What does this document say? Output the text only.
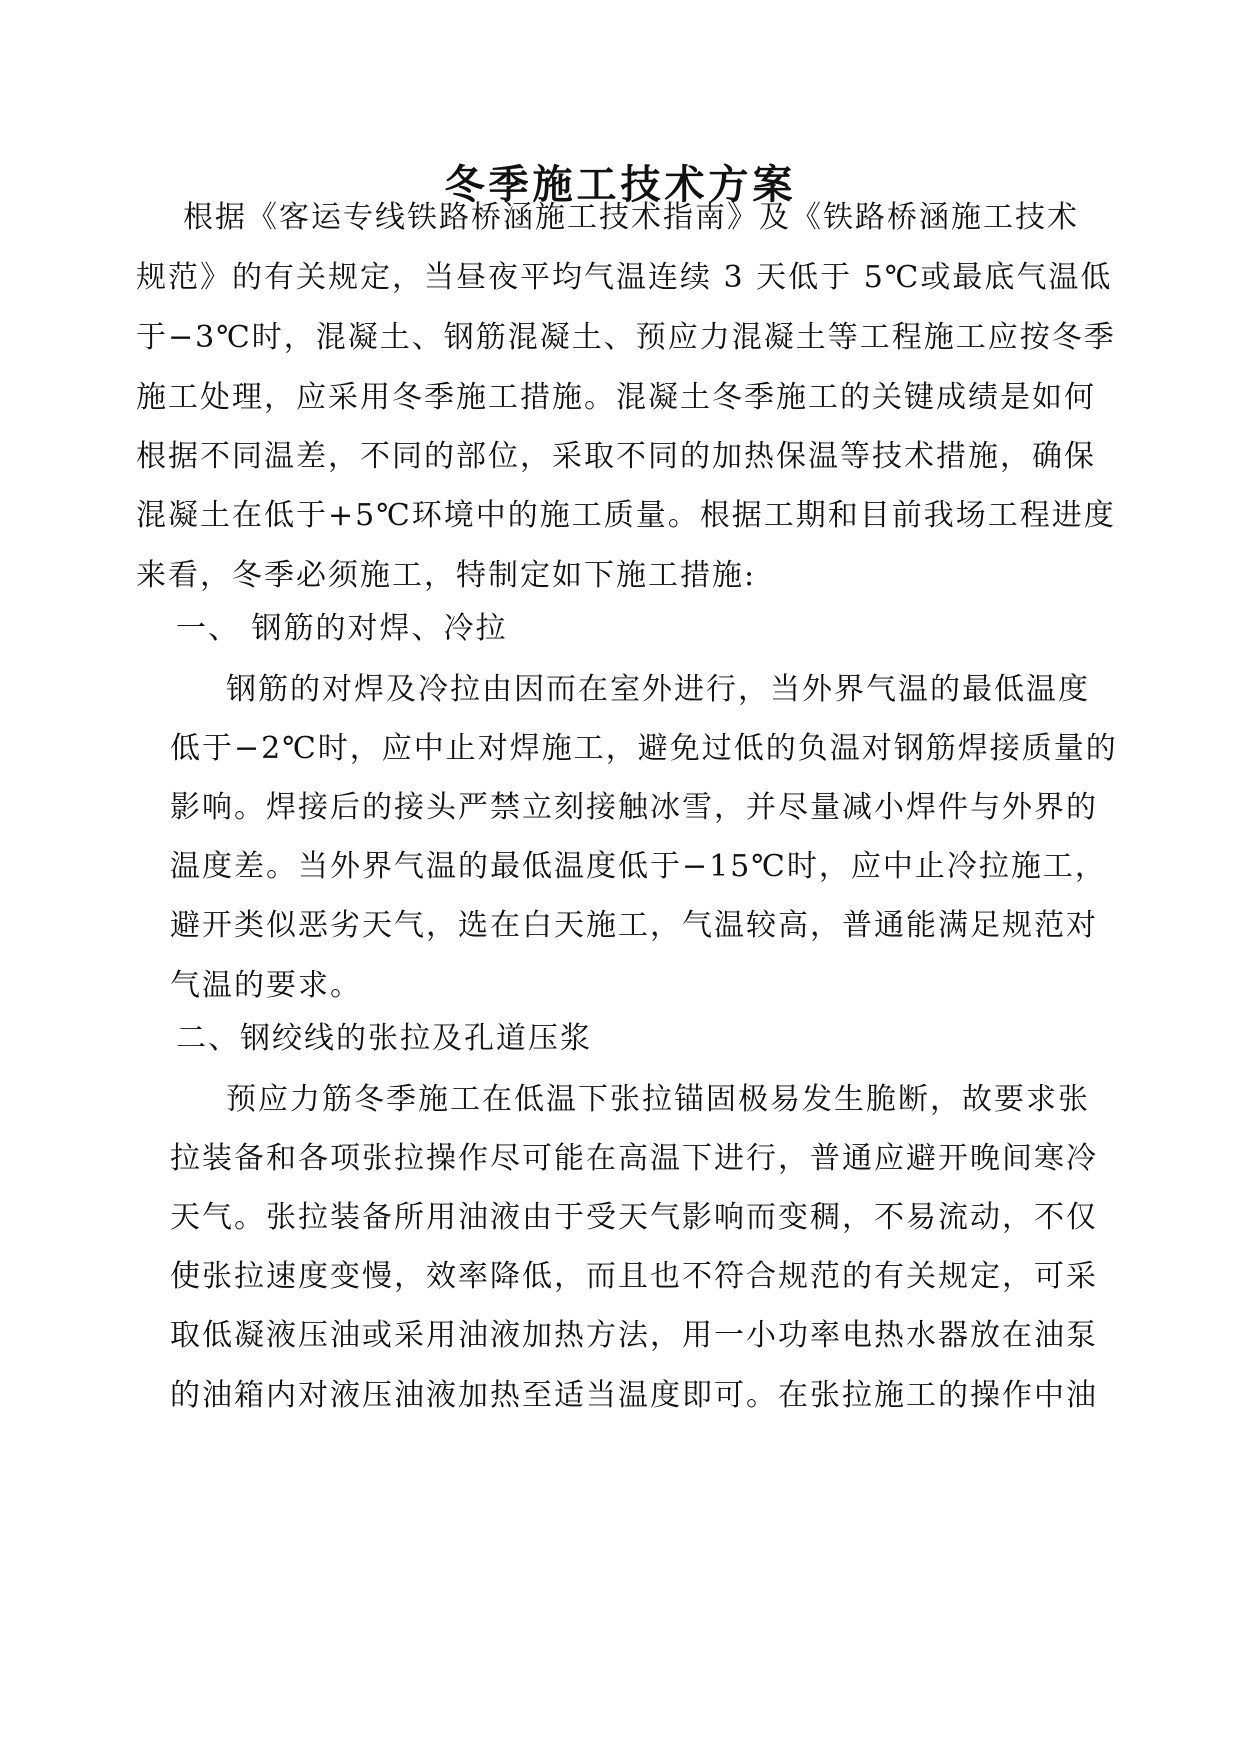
冬季施工技术方案
根据《客运专线铁路桥涵施工技术指南》及《铁路桥涵施工技术
规范》的有关规定，当昼夜平均气温连续 3 天低于 5℃或最底气温低
于−3℃时，混凝土、钢筋混凝土、预应力混凝土等工程施工应按冬季
施工处理，应采用冬季施工措施。混凝土冬季施工的关键成绩是如何
根据不同温差，不同的部位，采取不同的加热保温等技术措施，确保
混凝土在低于+5℃环境中的施工质量。根据工期和目前我场工程进度
来看，冬季必须施工，特制定如下施工措施:
一、 钢筋的对焊、冷拉
钢筋的对焊及冷拉由因而在室外进行，当外界气温的最低温度
低于−2℃时，应中止对焊施工，避免过低的负温对钢筋焊接质量的
影响。焊接后的接头严禁立刻接触冰雪，并尽量减小焊件与外界的
温度差。当外界气温的最低温度低于−15℃时，应中止冷拉施工，
避开类似恶劣天气，选在白天施工，气温较高，普通能满足规范对
气温的要求。
二、钢绞线的张拉及孔道压浆
预应力筋冬季施工在低温下张拉锚固极易发生脆断，故要求张
拉装备和各项张拉操作尽可能在高温下进行，普通应避开晚间寒冷
天气。张拉装备所用油液由于受天气影响而变稠，不易流动，不仅
使张拉速度变慢，效率降低，而且也不符合规范的有关规定，可采
取低凝液压油或采用油液加热方法，用一小功率电热水器放在油泵
的油箱内对液压油液加热至适当温度即可。在张拉施工的操作中油
